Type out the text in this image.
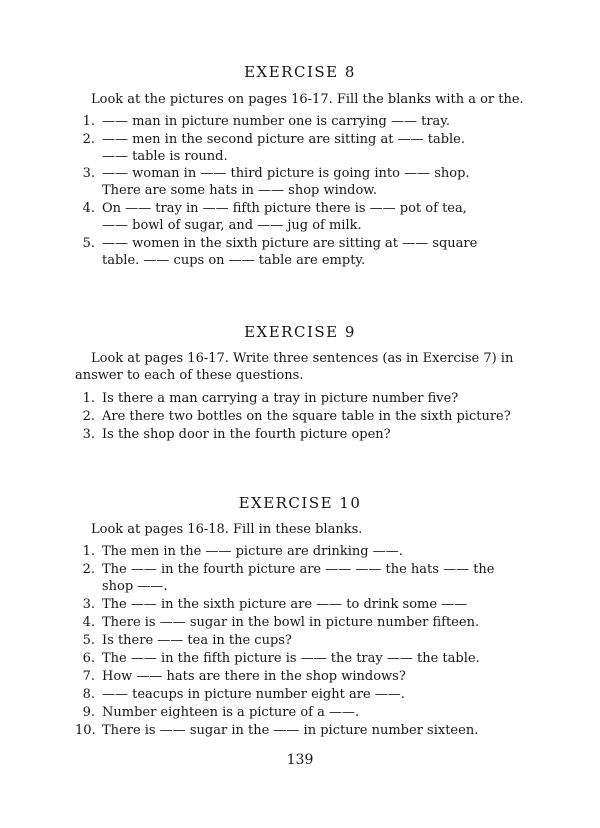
EXERCISE 8
Look at the pictures on pages 16-17. Fill the blanks with a or the.
1. —— man in picture number one is carrying —— tray.
2. —— men in the second picture are sitting at —— table.
—— table is round.
3. —— woman in —— third picture is going into —— shop.
There are some hats in —— shop window.
4. On —— tray in —— fifth picture there is —— pot of tea,
—— bowl of sugar, and —— jug of milk.
5. —— women in the sixth picture are sitting at —— square
table. —— cups on —— table are empty.
EXERCISE 9
Look at pages 16-17. Write three sentences (as in Exercise 7) in answer to each of these questions.
1. Is there a man carrying a tray in picture number five?
2. Are there two bottles on the square table in the sixth picture?
3. Is the shop door in the fourth picture open?
EXERCISE 10
Look at pages 16-18. Fill in these blanks.
1. The men in the —— picture are drinking ——.
2. The —— in the fourth picture are —— —— the hats —— the
shop ——.
3. The —— in the sixth picture are —— to drink some ——
4. There is —— sugar in the bowl in picture number fifteen.
5. Is there —— tea in the cups?
6. The —— in the fifth picture is —— the tray —— the table.
7. How —— hats are there in the shop windows?
8. —— teacups in picture number eight are ——.
9. Number eighteen is a picture of a ——.
10. There is —— sugar in the —— in picture number sixteen.
139
